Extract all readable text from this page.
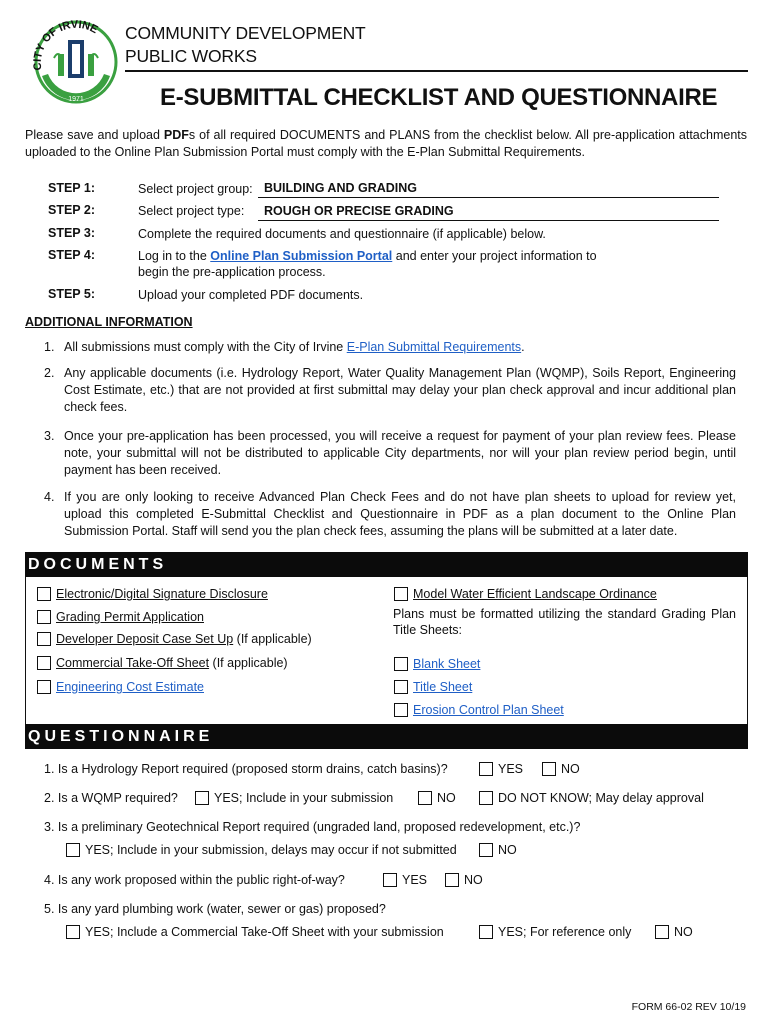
CITY OF IRVINE
1971
COMMUNITY DEVELOPMENT
PUBLIC WORKS
E-SUBMITTAL CHECKLIST AND QUESTIONNAIRE
Please save and upload PDFs of all required DOCUMENTS and PLANS from the checklist below. All pre-application attachments uploaded to the Online Plan Submission Portal must comply with the E-Plan Submittal Requirements.
STEP 1:	Select project group: BUILDING AND GRADING
STEP 2:	Select project type: ROUGH OR PRECISE GRADING
STEP 3:	Complete the required documents and questionnaire (if applicable) below.
STEP 4:	Log in to the Online Plan Submission Portal and enter your project information to
begin the pre-application process.
STEP 5:	Upload your completed PDF documents.
ADDITIONAL INFORMATION
1. All submissions must comply with the City of Irvine E-Plan Submittal Requirements.
2. Any applicable documents (i.e. Hydrology Report, Water Quality Management Plan (WQMP), Soils Report, Engineering Cost Estimate, etc.) that are not provided at first submittal may delay your plan check approval and incur additional plan check fees.
3. Once your pre-application has been processed, you will receive a request for payment of your plan review fees. Please note, your submittal will not be distributed to applicable City departments, nor will your plan review period begin, until payment has been received.
4. If you are only looking to receive Advanced Plan Check Fees and do not have plan sheets to upload for review yet, upload this completed E-Submittal Checklist and Questionnaire in PDF as a plan document to the Online Plan Submission Portal. Staff will send you the plan check fees, assuming the plans will be submitted at a later date.
DOCUMENTS
Electronic/Digital Signature Disclosure
Grading Permit Application
Developer Deposit Case Set Up (If applicable)
Commercial Take-Off Sheet (If applicable)
Engineering Cost Estimate
Model Water Efficient Landscape Ordinance
Plans must be formatted utilizing the standard Grading Plan Title Sheets:
Blank Sheet
Title Sheet
Erosion Control Plan Sheet
QUESTIONNAIRE
1. Is a Hydrology Report required (proposed storm drains, catch basins)?	YES	NO
2. Is a WQMP required?	YES; Include in your submission	NO	DO NOT KNOW; May delay approval
3. Is a preliminary Geotechnical Report required (ungraded land, proposed redevelopment, etc.)?
YES; Include in your submission, delays may occur if not submitted	NO
4. Is any work proposed within the public right-of-way?	YES	NO
5. Is any yard plumbing work (water, sewer or gas) proposed?
YES; Include a Commercial Take-Off Sheet with your submission	YES; For reference only	NO
FORM 66-02 REV 10/19
